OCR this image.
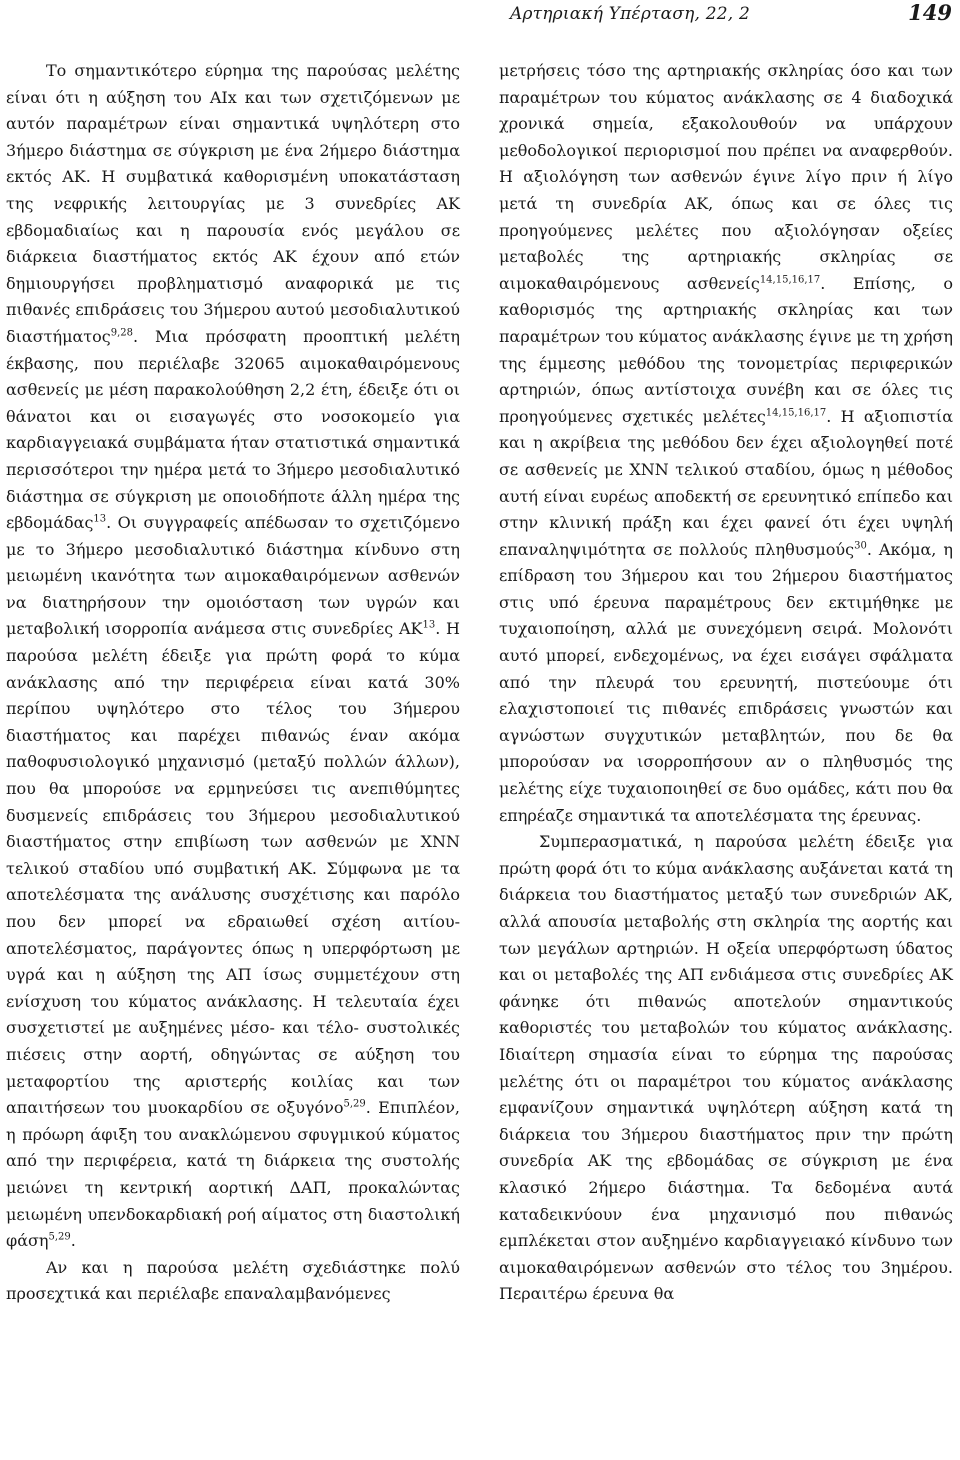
Αρτηριακή Υπέρταση, 22, 2	149

Το σημαντικότερο εύρημα της παρούσας μελέτης είναι ότι η αύξηση του AIx και των σχετιζόμενων με αυτόν παραμέτρων είναι σημαντικά υψηλότερη στο 3ήμερο διάστημα σε σύγκριση με ένα 2ήμερο διάστημα εκτός ΑΚ. Η συμβατικά καθορισμένη υποκατάσταση της νεφρικής λειτουργίας με 3 συνεδρίες ΑΚ εβδομαδιαίως και η παρουσία ενός μεγάλου σε διάρκεια διαστήματος εκτός ΑΚ έχουν από ετών δημιουργήσει προβληματισμό αναφορικά με τις πιθανές επιδράσεις του 3ήμερου αυτού μεσοδιαλυτικού διαστήματος$^{9,28}$. Μια πρόσφατη προοπτική μελέτη έκβασης, που περιέλαβε 32065 αιμοκαθαιρόμενους ασθενείς με μέση παρακολούθηση 2,2 έτη, έδειξε ότι οι θάνατοι και οι εισαγωγές στο νοσοκομείο για καρδιαγγειακά συμβάματα ήταν στατιστικά σημαντικά περισσότεροι την ημέρα μετά το 3ήμερο μεσοδιαλυτικό διάστημα σε σύγκριση με οποιοδήποτε άλλη ημέρα της εβδομάδας$^{13}$. Οι συγγραφείς απέδωσαν το σχετιζόμενο με το 3ήμερο μεσοδιαλυτικό διάστημα κίνδυνο στη μειωμένη ικανότητα των αιμοκαθαιρόμενων ασθενών να διατηρήσουν την ομοιόσταση των υγρών και μεταβολική ισορροπία ανάμεσα στις συνεδρίες ΑΚ$^{13}$. Η παρούσα μελέτη έδειξε για πρώτη φορά το κύμα ανάκλασης από την περιφέρεια είναι κατά 30% περίπου υψηλότερο στο τέλος του 3ήμερου διαστήματος και παρέχει πιθανώς έναν ακόμα παθοφυσιολογικό μηχανισμό (μεταξύ πολλών άλλων), που θα μπορούσε να ερμηνεύσει τις ανεπιθύμητες δυσμενείς επιδράσεις του 3ήμερου μεσοδιαλυτικού διαστήματος στην επιβίωση των ασθενών με ΧΝΝ τελικού σταδίου υπό συμβατική ΑΚ. Σύμφωνα με τα αποτελέσματα της ανάλυσης συσχέτισης και παρόλο που δεν μπορεί να εδραιωθεί σχέση αιτίου-αποτελέσματος, παράγοντες όπως η υπερφόρτωση με υγρά και η αύξηση της ΑΠ ίσως συμμετέχουν στη ενίσχυση του κύματος ανάκλασης. Η τελευταία έχει συσχετιστεί με αυξημένες μέσο- και τέλο- συστολικές πιέσεις στην αορτή, οδηγώντας σε αύξηση του μεταφορτίου της αριστερής κοιλίας και των απαιτήσεων του μυοκαρδίου σε οξυγόνο$^{5,29}$. Επιπλέον, η πρόωρη άφιξη του ανακλώμενου σφυγμικού κύματος από την περιφέρεια, κατά τη διάρκεια της συστολής μειώνει τη κεντρική αορτική ΔΑΠ, προκαλώντας μειωμένη υπενδοκαρδιακή ροή αίματος στη διαστολική φάση$^{5,29}$.

Αν και η παρούσα μελέτη σχεδιάστηκε πολύ προσεχτικά και περιέλαβε επαναλαμβανόμενες

μετρήσεις τόσο της αρτηριακής σκληρίας όσο και των παραμέτρων του κύματος ανάκλασης σε 4 διαδοχικά χρονικά σημεία, εξακολουθούν να υπάρχουν μεθοδολογικοί περιορισμοί που πρέπει να αναφερθούν. Η αξιολόγηση των ασθενών έγινε λίγο πριν ή λίγο μετά τη συνεδρία ΑΚ, όπως και σε όλες τις προηγούμενες μελέτες που αξιολόγησαν οξείες μεταβολές της αρτηριακής σκληρίας σε αιμοκαθαιρόμενους ασθενείς$^{14,15,16,17}$. Επίσης, ο καθορισμός της αρτηριακής σκληρίας και των παραμέτρων του κύματος ανάκλασης έγινε με τη χρήση της έμμεσης μεθόδου της τονομετρίας περιφερικών αρτηριών, όπως αντίστοιχα συνέβη και σε όλες τις προηγούμενες σχετικές μελέτες$^{14,15,16,17}$. Η αξιοπιστία και η ακρίβεια της μεθόδου δεν έχει αξιολογηθεί ποτέ σε ασθενείς με ΧΝΝ τελικού σταδίου, όμως η μέθοδος αυτή είναι ευρέως αποδεκτή σε ερευνητικό επίπεδο και στην κλινική πράξη και έχει φανεί ότι έχει υψηλή επαναληψιμότητα σε πολλούς πληθυσμούς$^{30}$. Ακόμα, η επίδραση του 3ήμερου και του 2ήμερου διαστήματος στις υπό έρευνα παραμέτρους δεν εκτιμήθηκε με τυχαιοποίηση, αλλά με συνεχόμενη σειρά. Μολονότι αυτό μπορεί, ενδεχομένως, να έχει εισάγει σφάλματα από την πλευρά του ερευνητή, πιστεύουμε ότι ελαχιστοποιεί τις πιθανές επιδράσεις γνωστών και αγνώστων συγχυτικών μεταβλητών, που δε θα μπορούσαν να ισορροπήσουν αν ο πληθυσμός της μελέτης είχε τυχαιοποιηθεί σε δυο ομάδες, κάτι που θα επηρέαζε σημαντικά τα αποτελέσματα της έρευνας.

Συμπερασματικά, η παρούσα μελέτη έδειξε για πρώτη φορά ότι το κύμα ανάκλασης αυξάνεται κατά τη διάρκεια του διαστήματος μεταξύ των συνεδριών ΑΚ, αλλά απουσία μεταβολής στη σκληρία της αορτής και των μεγάλων αρτηριών. Η οξεία υπερφόρτωση ύδατος και οι μεταβολές της ΑΠ ενδιάμεσα στις συνεδρίες ΑΚ φάνηκε ότι πιθανώς αποτελούν σημαντικούς καθοριστές του μεταβολών του κύματος ανάκλασης. Ιδιαίτερη σημασία είναι το εύρημα της παρούσας μελέτης ότι οι παραμέτροι του κύματος ανάκλασης εμφανίζουν σημαντικά υψηλότερη αύξηση κατά τη διάρκεια του 3ήμερου διαστήματος πριν την πρώτη συνεδρία ΑΚ της εβδομάδας σε σύγκριση με ένα κλασικό 2ήμερο διάστημα. Τα δεδομένα αυτά καταδεικνύουν ένα μηχανισμό που πιθανώς εμπλέκεται στον αυξημένο καρδιαγγειακό κίνδυνο των αιμοκαθαιρόμενων ασθενών στο τέλος του 3ημέρου. Περαιτέρω έρευνα θα
